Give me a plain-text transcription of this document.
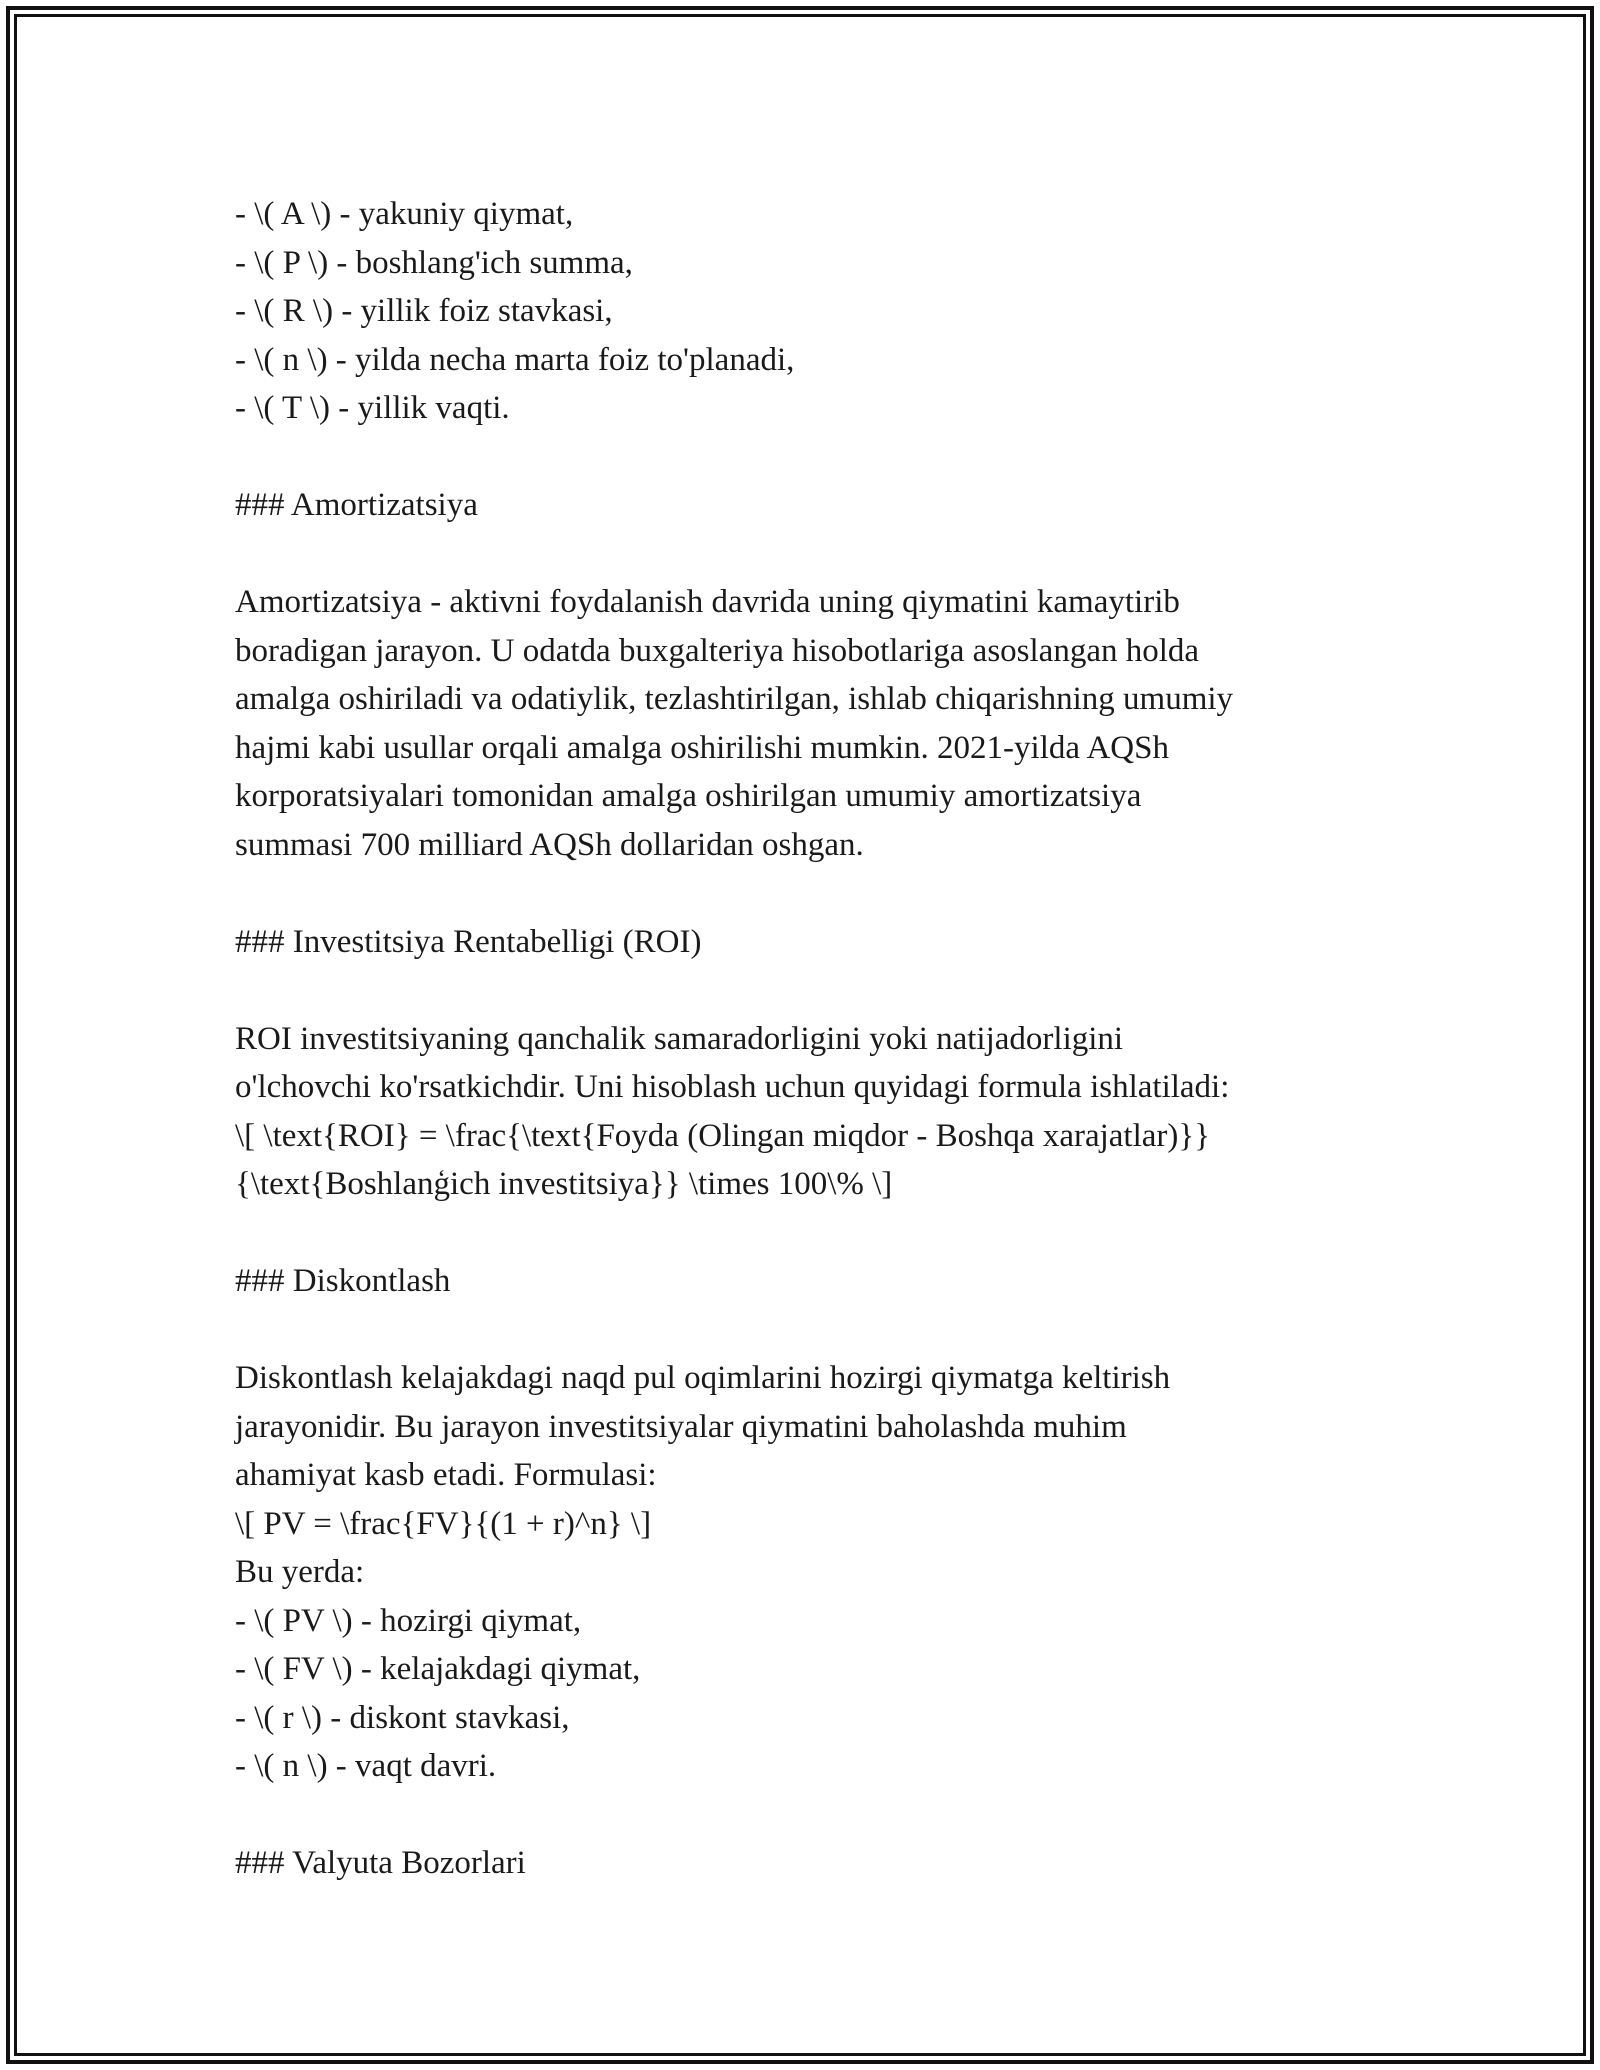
- \( A \) - yakuniy qiymat,
- \( P \) - boshlang'ich summa,
- \( R \) - yillik foiz stavkasi,
- \( n \) - yilda necha marta foiz to'planadi,
- \( T \) - yillik vaqti.
### Amortizatsiya
Amortizatsiya - aktivni foydalanish davrida uning qiymatini kamaytirib
boradigan jarayon. U odatda buxgalteriya hisobotlariga asoslangan holda
amalga oshiriladi va odatiylik, tezlashtirilgan, ishlab chiqarishning umumiy
hajmi kabi usullar orqali amalga oshirilishi mumkin. 2021-yilda AQSh
korporatsiyalari tomonidan amalga oshirilgan umumiy amortizatsiya
summasi 700 milliard AQSh dollaridan oshgan.
### Investitsiya Rentabelligi (ROI)
ROI investitsiyaning qanchalik samaradorligini yoki natijadorligini
o'lchovchi ko'rsatkichdir. Uni hisoblash uchun quyidagi formula ishlatiladi:
\[ \text{ROI} = \frac{\text{Foyda (Olingan miqdor - Boshqa xarajatlar)}}
{\text{Boshlanģich investitsiya}} \times 100\% \]
### Diskontlash
Diskontlash kelajakdagi naqd pul oqimlarini hozirgi qiymatga keltirish
jarayonidir. Bu jarayon investitsiyalar qiymatini baholashda muhim
ahamiyat kasb etadi. Formulasi:
\[ PV = \frac{FV}{(1 + r)^n} \]
Bu yerda:
- \( PV \) - hozirgi qiymat,
- \( FV \) - kelajakdagi qiymat,
- \( r \) - diskont stavkasi,
- \( n \) - vaqt davri.
### Valyuta Bozorlari
